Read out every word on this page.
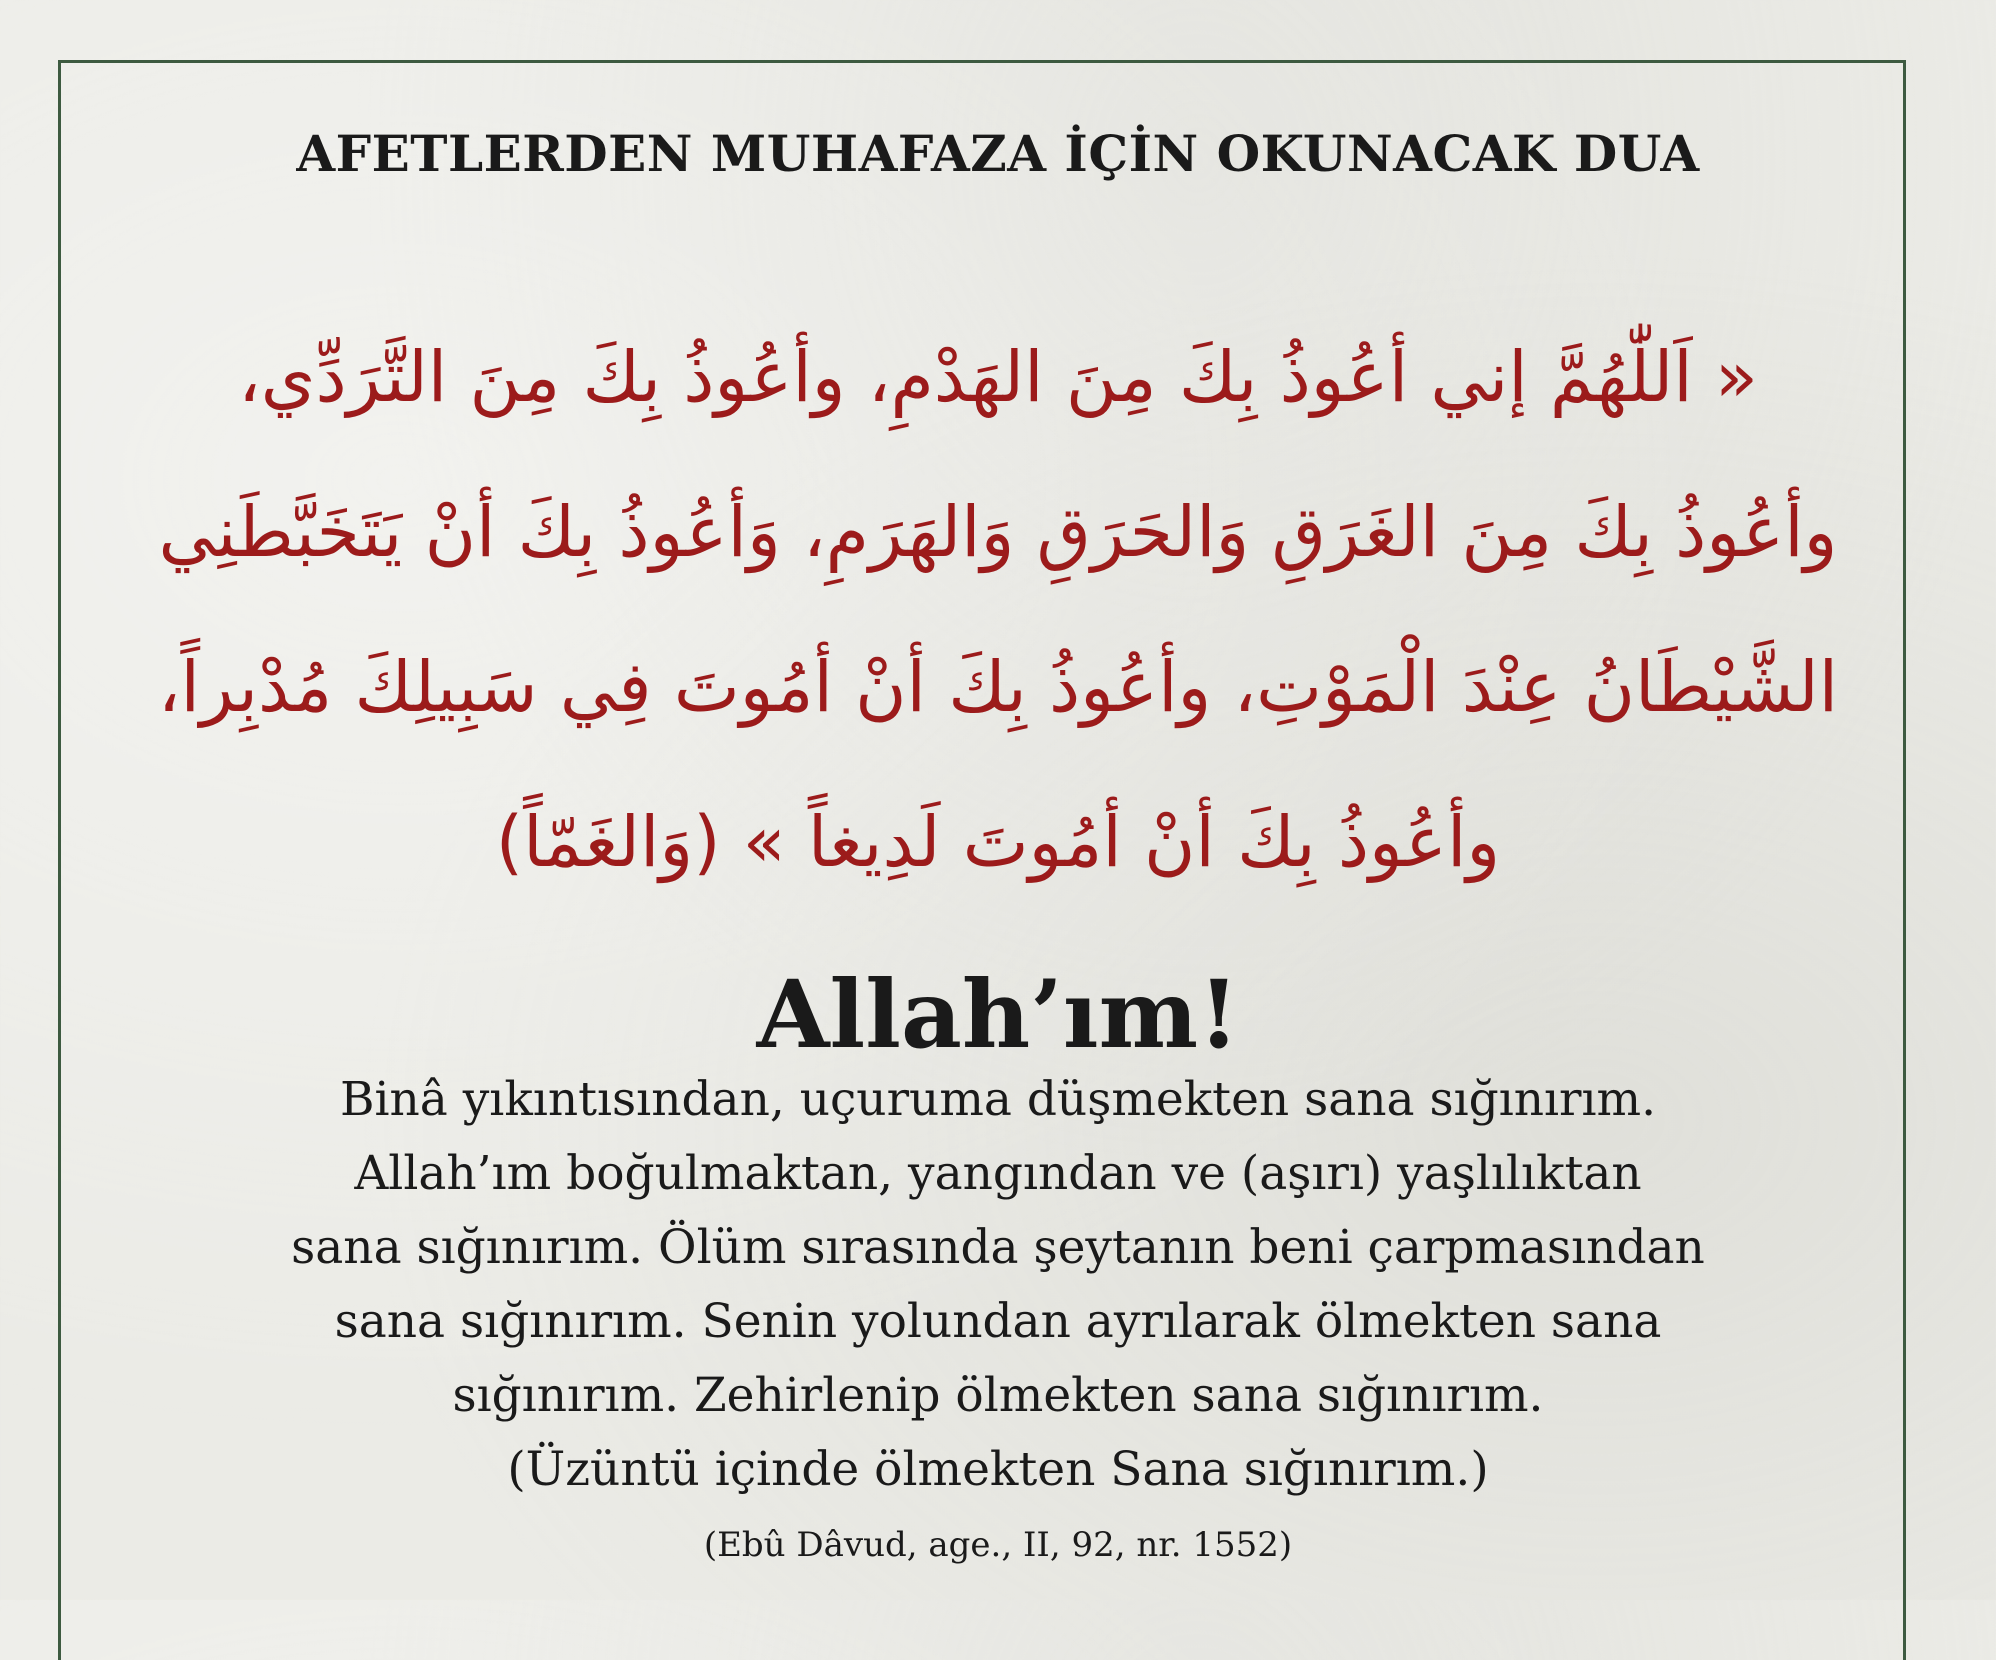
AFETLERDEN MUHAFAZA İÇİN OKUNACAK DUA
« اَللّٰهُمَّ إني أعُوذُ بِكَ مِنَ الهَدْمِ، وأعُوذُ بِكَ مِنَ التَّرَدِّي،
وأعُوذُ بِكَ مِنَ الغَرَقِ وَالحَرَقِ وَالهَرَمِ، وَأعُوذُ بِكَ أنْ يَتَخَبَّطَنِي
الشَّيْطَانُ عِنْدَ الْمَوْتِ، وأعُوذُ بِكَ أنْ أمُوتَ فِي سَبِيلِكَ مُدْبِراً،
وأعُوذُ بِكَ أنْ أمُوتَ لَدِيغاً » (وَالغَمّاً)
Allah’ım!
Binâ yıkıntısından, uçuruma düşmekten sana sığınırım.
Allah’ım boğulmaktan, yangından ve (aşırı) yaşlılıktan
sana sığınırım. Ölüm sırasında şeytanın beni çarpmasından
sana sığınırım. Senin yolundan ayrılarak ölmekten sana
sığınırım. Zehirlenip ölmekten sana sığınırım.
(Üzüntü içinde ölmekten Sana sığınırım.)

(Ebû Dâvud, age., II, 92, nr. 1552)
